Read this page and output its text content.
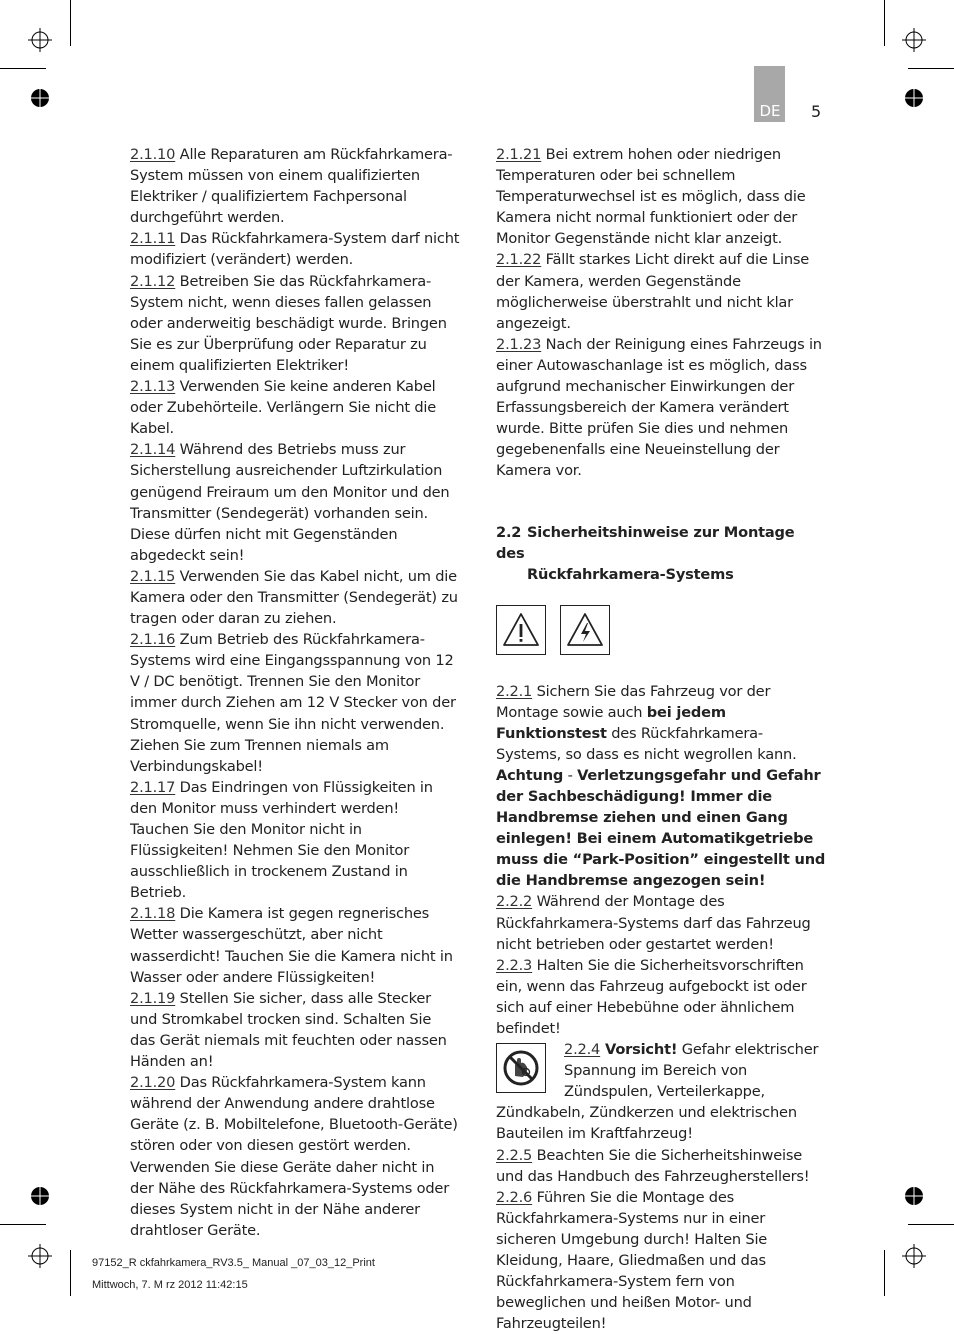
DE 5

2.1.10 Alle Reparaturen am Rückfahrkamera-System müssen von einem qualifizierten Elektriker / qualifiziertem Fachpersonal durchgeführt werden.

2.1.11 Das Rückfahrkamera-System darf nicht modifiziert (verändert) werden.

2.1.12 Betreiben Sie das Rückfahrkamera-System nicht, wenn dieses fallen gelassen oder anderweitig beschädigt wurde. Bringen Sie es zur Überprüfung oder Reparatur zu einem qualifizierten Elektriker!

2.1.13 Verwenden Sie keine anderen Kabel oder Zubehörteile. Verlängern Sie nicht die Kabel.

2.1.14 Während des Betriebs muss zur Sicherstellung ausreichender Luftzirkulation genügend Freiraum um den Monitor und den Transmitter (Sendegerät) vorhanden sein. Diese dürfen nicht mit Gegenständen abgedeckt sein!

2.1.15 Verwenden Sie das Kabel nicht, um die Kamera oder den Transmitter (Sendegerät) zu tragen oder daran zu ziehen.

2.1.16 Zum Betrieb des Rückfahrkamera-Systems wird eine Eingangsspannung von 12 V / DC benötigt. Trennen Sie den Monitor immer durch Ziehen am 12 V Stecker von der Stromquelle, wenn Sie ihn nicht verwenden. Ziehen Sie zum Trennen niemals am Verbindungskabel!

2.1.17 Das Eindringen von Flüssigkeiten in den Monitor muss verhindert werden! Tauchen Sie den Monitor nicht in Flüssigkeiten! Nehmen Sie den Monitor ausschließlich in trockenem Zustand in Betrieb.

2.1.18 Die Kamera ist gegen regnerisches Wetter wassergeschützt, aber nicht wasserdicht! Tauchen Sie die Kamera nicht in Wasser oder andere Flüssigkeiten!

2.1.19 Stellen Sie sicher, dass alle Stecker und Stromkabel trocken sind. Schalten Sie das Gerät niemals mit feuchten oder nassen Händen an!

2.1.20 Das Rückfahrkamera-System kann während der Anwendung andere drahtlose Geräte (z. B. Mobiltelefone, Bluetooth-Geräte) stören oder von diesen gestört werden. Verwenden Sie diese Geräte daher nicht in der Nähe des Rückfahrkamera-Systems oder dieses System nicht in der Nähe anderer drahtloser Geräte.

2.1.21 Bei extrem hohen oder niedrigen Temperaturen oder bei schnellem Temperaturwechsel ist es möglich, dass die Kamera nicht normal funktioniert oder der Monitor Gegenstände nicht klar anzeigt.

2.1.22 Fällt starkes Licht direkt auf die Linse der Kamera, werden Gegenstände möglicherweise überstrahlt und nicht klar angezeigt.

2.1.23 Nach der Reinigung eines Fahrzeugs in einer Autowaschanlage ist es möglich, dass aufgrund mechanischer Einwirkungen der Erfassungsbereich der Kamera verändert wurde. Bitte prüfen Sie dies und nehmen gegebenenfalls eine Neueinstellung der Kamera vor.

2.2 Sicherheitshinweise zur Montage des
Rückfahrkamera-Systems

2.2.1 Sichern Sie das Fahrzeug vor der Montage sowie auch bei jedem Funktionstest des Rückfahrkamera-Systems, so dass es nicht wegrollen kann. Achtung - Verletzungsgefahr und Gefahr der Sachbeschädigung! Immer die Handbremse ziehen und einen Gang einlegen! Bei einem Automatikgetriebe muss die “Park-Position” eingestellt und die Handbremse angezogen sein!

2.2.2 Während der Montage des Rückfahrkamera-Systems darf das Fahrzeug nicht betrieben oder gestartet werden!

2.2.3 Halten Sie die Sicherheitsvorschriften ein, wenn das Fahrzeug aufgebockt ist oder sich auf einer Hebebühne oder ähnlichem befindet!

2.2.4 Vorsicht! Gefahr elektrischer Spannung im Bereich von Zündspulen, Verteilerkappe, Zündkabeln, Zündkerzen und elektrischen Bauteilen im Kraftfahrzeug!

2.2.5 Beachten Sie die Sicherheitshinweise und das Handbuch des Fahrzeugherstellers!

2.2.6 Führen Sie die Montage des Rückfahrkamera-Systems nur in einer sicheren Umgebung durch! Halten Sie Kleidung, Haare, Gliedmaßen und das Rückfahrkamera-System fern von beweglichen und heißen Motor- und Fahrzeugteilen!

97152_R ckfahrkamera_RV3.5_ Manual _07_03_12_Print
Mittwoch, 7. M rz 2012 11:42:15
